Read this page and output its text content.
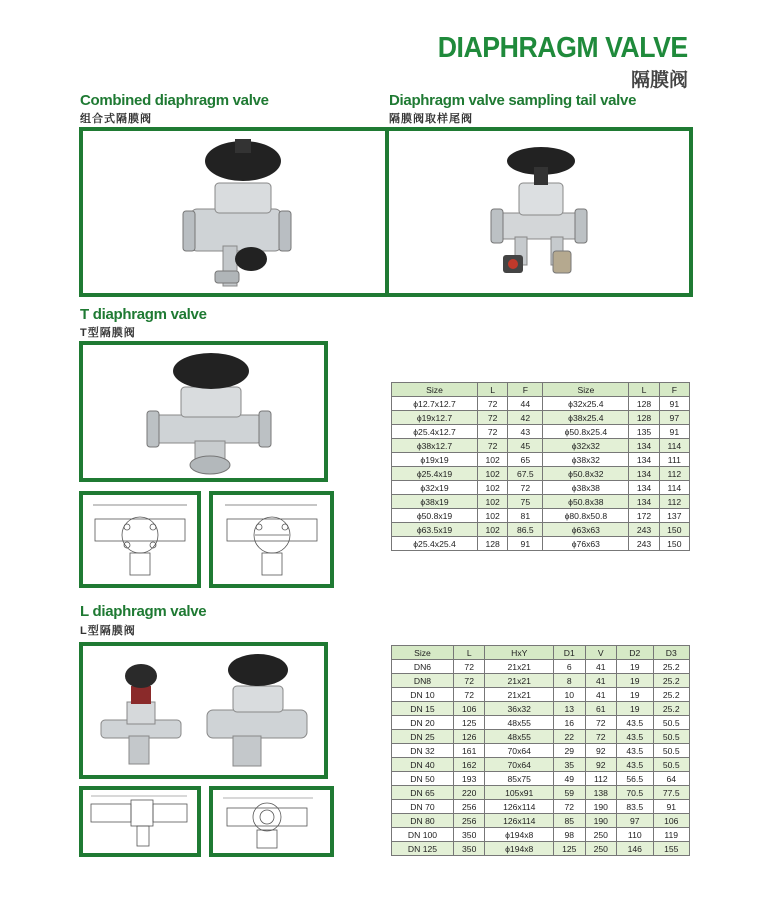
DIAPHRAGM VALVE
隔膜阀
Combined diaphragm valve
组合式隔膜阀
Diaphragm valve sampling tail valve
隔膜阀取样尾阀
T diaphragm valve
T型隔膜阀
Size	L	F	Size	L	F
ϕ12.7x12.7	72	44	ϕ32x25.4	128	91
ϕ19x12.7	72	42	ϕ38x25.4	128	97
ϕ25.4x12.7	72	43	ϕ50.8x25.4	135	91
ϕ38x12.7	72	45	ϕ32x32	134	114
ϕ19x19	102	65	ϕ38x32	134	111
ϕ25.4x19	102	67.5	ϕ50.8x32	134	112
ϕ32x19	102	72	ϕ38x38	134	114
ϕ38x19	102	75	ϕ50.8x38	134	112
ϕ50.8x19	102	81	ϕ80.8x50.8	172	137
ϕ63.5x19	102	86.5	ϕ63x63	243	150
ϕ25.4x25.4	128	91	ϕ76x63	243	150
L diaphragm valve
L型隔膜阀
Size	L	HxY	D1	V	D2	D3
DN6	72	21x21	6	41	19	25.2
DN8	72	21x21	8	41	19	25.2
DN 10	72	21x21	10	41	19	25.2
DN 15	106	36x32	13	61	19	25.2
DN 20	125	48x55	16	72	43.5	50.5
DN 25	126	48x55	22	72	43.5	50.5
DN 32	161	70x64	29	92	43.5	50.5
DN 40	162	70x64	35	92	43.5	50.5
DN 50	193	85x75	49	112	56.5	64
DN 65	220	105x91	59	138	70.5	77.5
DN 70	256	126x114	72	190	83.5	91
DN 80	256	126x114	85	190	97	106
DN 100	350	ϕ194x8	98	250	110	119
DN 125	350	ϕ194x8	125	250	146	155
